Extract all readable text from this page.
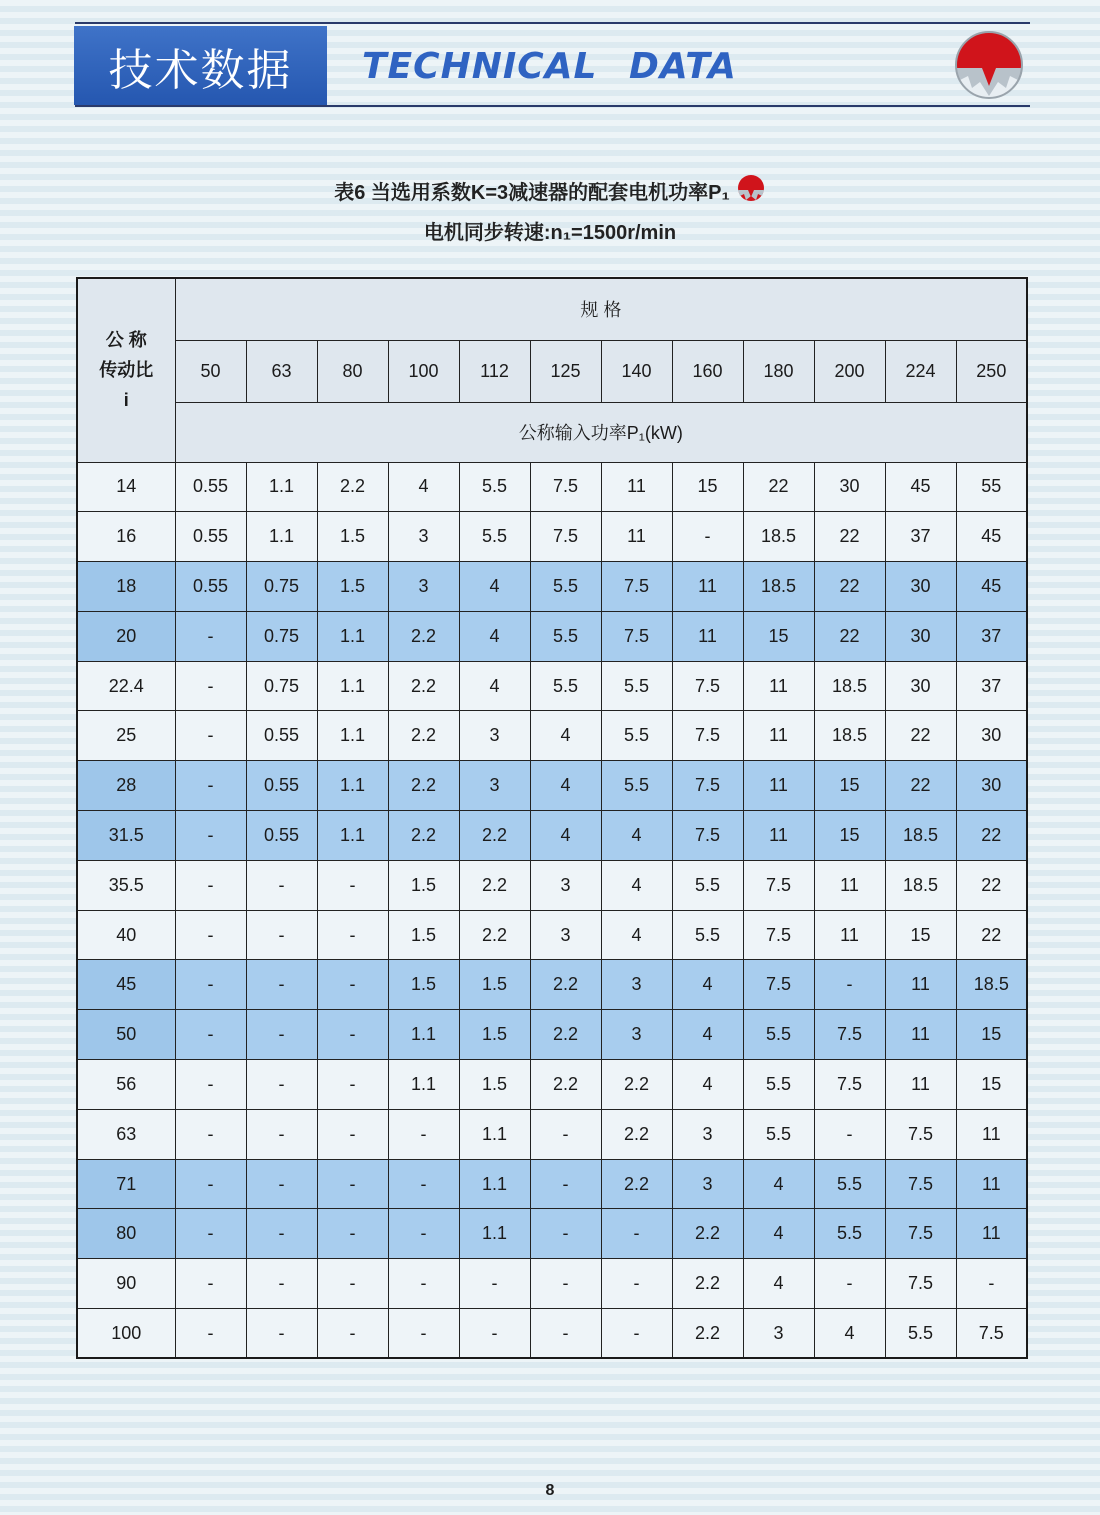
技术数据	TECHNICAL DATA
表6 当选用系数K=3减速器的配套电机功率P₁
电机同步转速:n₁=1500r/min
公 称
传动比
i	规 格											
	50	63	80	100	112	125	140	160	180	200	224	250
	公称输入功率P₁(kW)											
14	0.55	1.1	2.2	4	5.5	7.5	11	15	22	30	45	55
16	0.55	1.1	1.5	3	5.5	7.5	11	-	18.5	22	37	45
18	0.55	0.75	1.5	3	4	5.5	7.5	11	18.5	22	30	45
20	-	0.75	1.1	2.2	4	5.5	7.5	11	15	22	30	37
22.4	-	0.75	1.1	2.2	4	5.5	5.5	7.5	11	18.5	30	37
25	-	0.55	1.1	2.2	3	4	5.5	7.5	11	18.5	22	30
28	-	0.55	1.1	2.2	3	4	5.5	7.5	11	15	22	30
31.5	-	0.55	1.1	2.2	2.2	4	4	7.5	11	15	18.5	22
35.5	-	-	-	1.5	2.2	3	4	5.5	7.5	11	18.5	22
40	-	-	-	1.5	2.2	3	4	5.5	7.5	11	15	22
45	-	-	-	1.5	1.5	2.2	3	4	7.5	-	11	18.5
50	-	-	-	1.1	1.5	2.2	3	4	5.5	7.5	11	15
56	-	-	-	1.1	1.5	2.2	2.2	4	5.5	7.5	11	15
63	-	-	-	-	1.1	-	2.2	3	5.5	-	7.5	11
71	-	-	-	-	1.1	-	2.2	3	4	5.5	7.5	11
80	-	-	-	-	1.1	-	-	2.2	4	5.5	7.5	11
90	-	-	-	-	-	-	-	2.2	4	-	7.5	-
100	-	-	-	-	-	-	-	2.2	3	4	5.5	7.5
8
